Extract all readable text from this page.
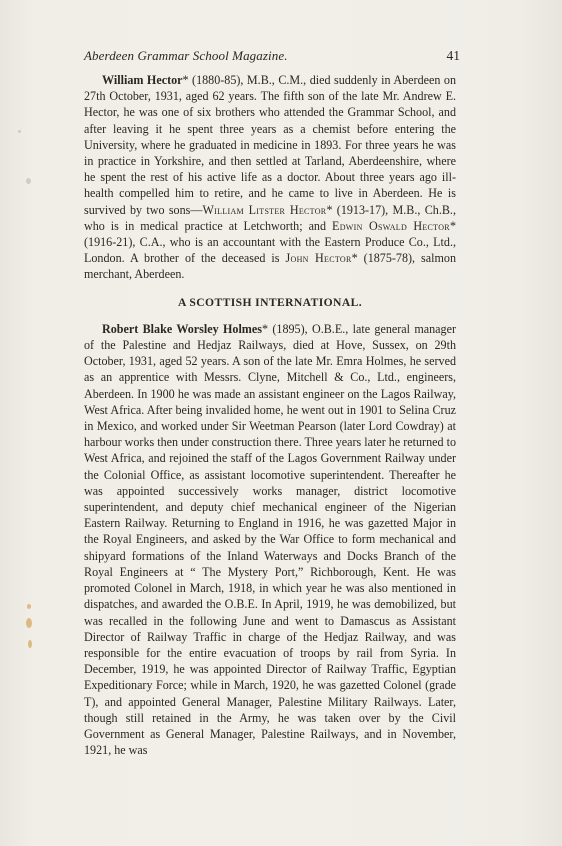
Aberdeen Grammar School Magazine.	41

William Hector* (1880-85), M.B., C.M., died suddenly in Aberdeen on 27th October, 1931, aged 62 years. The fifth son of the late Mr. Andrew E. Hector, he was one of six brothers who attended the Grammar School, and after leaving it he spent three years as a chemist before entering the University, where he graduated in medicine in 1893. For three years he was in practice in Yorkshire, and then settled at Tarland, Aberdeenshire, where he spent the rest of his active life as a doctor. About three years ago ill-health compelled him to retire, and he came to live in Aberdeen. He is survived by two sons—William Litster Hector* (1913-17), M.B., Ch.B., who is in medical practice at Letchworth; and Edwin Oswald Hector* (1916-21), C.A., who is an accountant with the Eastern Produce Co., Ltd., London. A brother of the deceased is John Hector* (1875-78), salmon merchant, Aberdeen.

A SCOTTISH INTERNATIONAL.

Robert Blake Worsley Holmes* (1895), O.B.E., late general manager of the Palestine and Hedjaz Railways, died at Hove, Sussex, on 29th October, 1931, aged 52 years. A son of the late Mr. Emra Holmes, he served as an apprentice with Messrs. Clyne, Mitchell & Co., Ltd., engineers, Aberdeen. In 1900 he was made an assistant engineer on the Lagos Railway, West Africa. After being invalided home, he went out in 1901 to Selina Cruz in Mexico, and worked under Sir Weetman Pearson (later Lord Cowdray) at harbour works then under construction there. Three years later he returned to West Africa, and rejoined the staff of the Lagos Government Railway under the Colonial Office, as assistant locomotive superintendent. Thereafter he was appointed successively works manager, district locomotive superintendent, and deputy chief mechanical engineer of the Nigerian Eastern Railway. Returning to England in 1916, he was gazetted Major in the Royal Engineers, and asked by the War Office to form mechanical and shipyard formations of the Inland Waterways and Docks Branch of the Royal Engineers at “ The Mystery Port,” Richborough, Kent. He was promoted Colonel in March, 1918, in which year he was also mentioned in dispatches, and awarded the O.B.E. In April, 1919, he was demobilized, but was recalled in the following June and went to Damascus as Assistant Director of Railway Traffic in charge of the Hedjaz Railway, and was responsible for the entire evacuation of troops by rail from Syria. In December, 1919, he was appointed Director of Railway Traffic, Egyptian Expeditionary Force; while in March, 1920, he was gazetted Colonel (grade T), and appointed General Manager, Palestine Military Railways. Later, though still retained in the Army, he was taken over by the Civil Government as General Manager, Palestine Railways, and in November, 1921, he was
